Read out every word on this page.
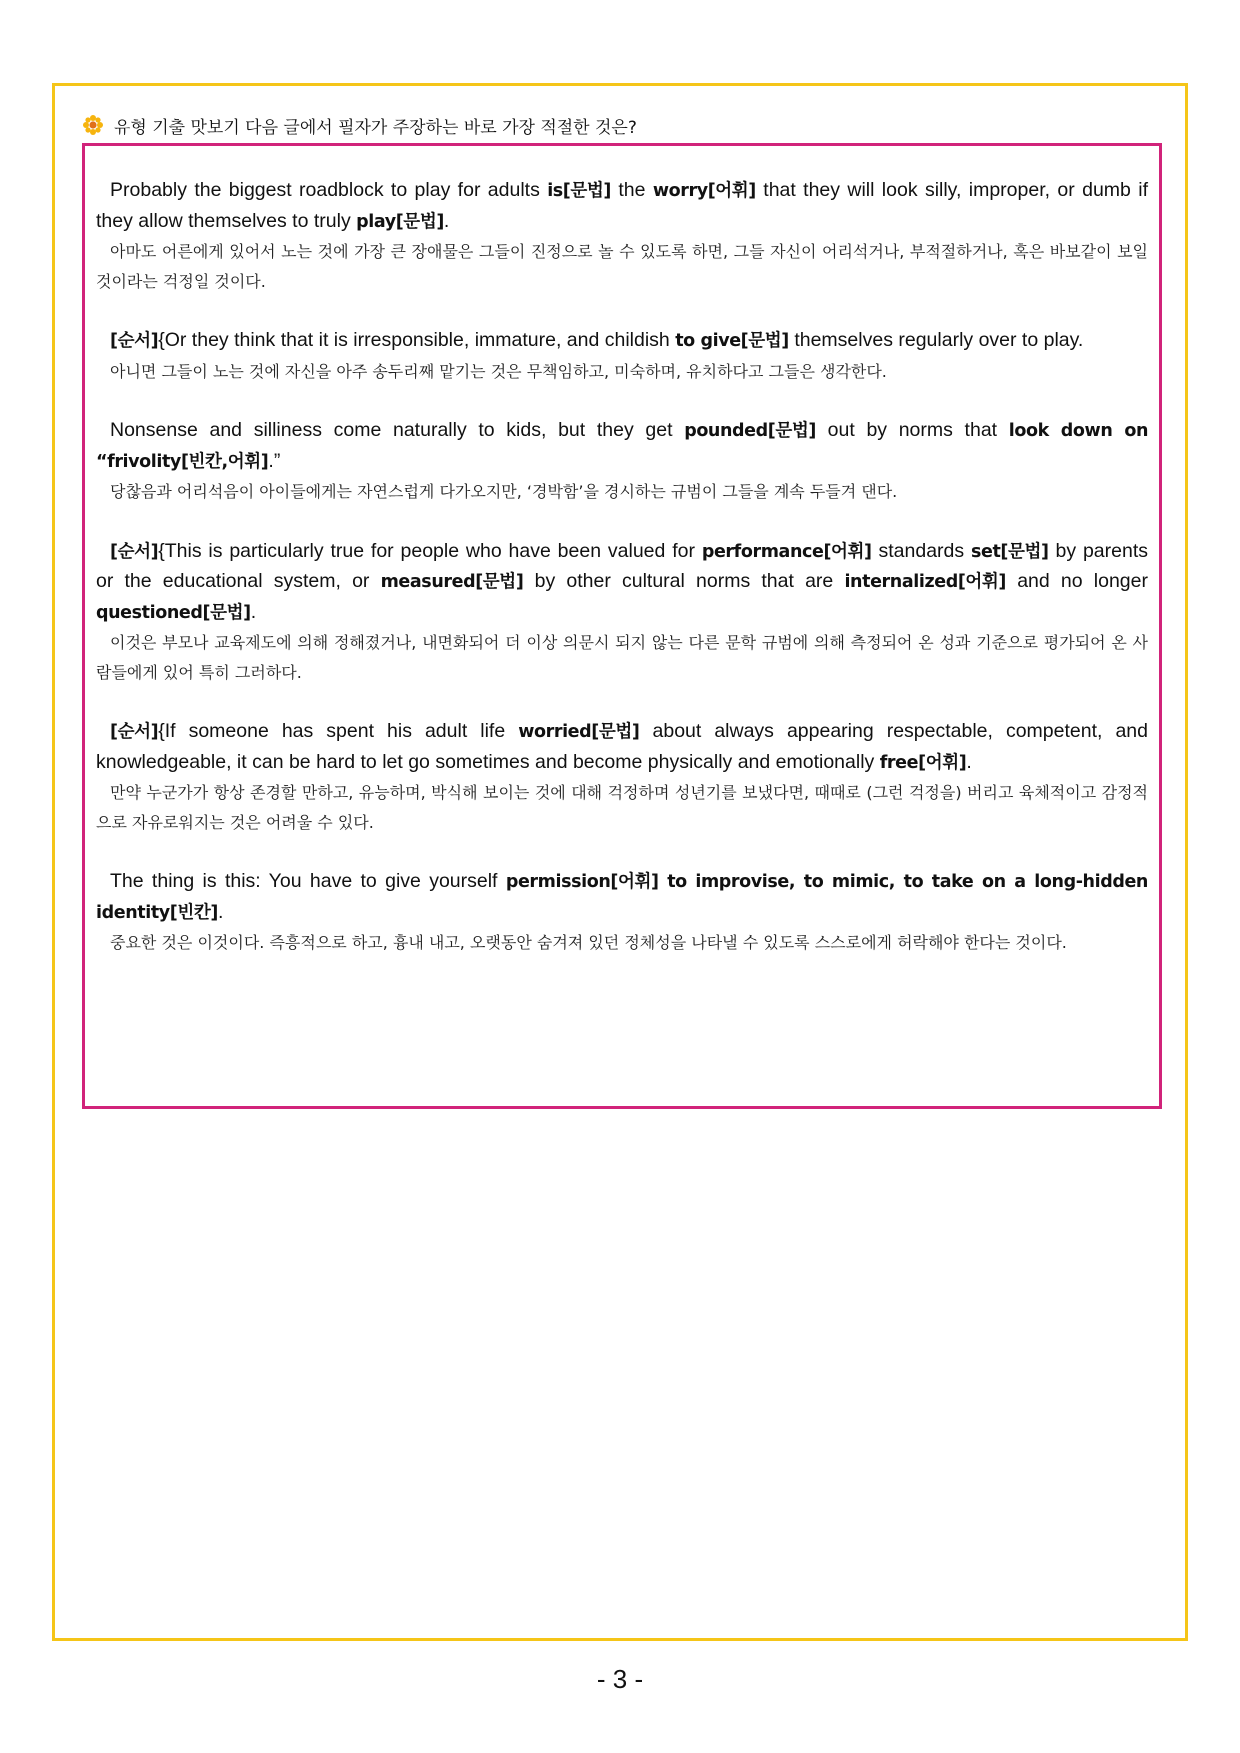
유형 기출 맛보기 다음 글에서 필자가 주장하는 바로 가장 적절한 것은?

Probably the biggest roadblock to play for adults is[문법] the worry[어휘] that they will look silly, improper, or dumb if they allow themselves to truly play[문법].

아마도 어른에게 있어서 노는 것에 가장 큰 장애물은 그들이 진정으로 놀 수 있도록 하면, 그들 자신이 어리석거나, 부적절하거나, 혹은 바보같이 보일 것이라는 걱정일 것이다.

[순서]{Or they think that it is irresponsible, immature, and childish to give[문법] themselves regularly over to play.

아니면 그들이 노는 것에 자신을 아주 송두리째 맡기는 것은 무책임하고, 미숙하며, 유치하다고 그들은 생각한다.

Nonsense and silliness come naturally to kids, but they get pounded[문법] out by norms that look down on “frivolity[빈칸,어휘].”

당찮음과 어리석음이 아이들에게는 자연스럽게 다가오지만, ‘경박함’을 경시하는 규범이 그들을 계속 두들겨 댄다.

[순서]{This is particularly true for people who have been valued for performance[어휘] standards set[문법] by parents or the educational system, or measured[문법] by other cultural norms that are internalized[어휘] and no longer questioned[문법].

이것은 부모나 교육제도에 의해 정해졌거나, 내면화되어 더 이상 의문시 되지 않는 다른 문학 규범에 의해 측정되어 온 성과 기준으로 평가되어 온 사람들에게 있어 특히 그러하다.

[순서]{If someone has spent his adult life worried[문법] about always appearing respectable, competent, and knowledgeable, it can be hard to let go sometimes and become physically and emotionally free[어휘].

만약 누군가가 항상 존경할 만하고, 유능하며, 박식해 보이는 것에 대해 걱정하며 성년기를 보냈다면, 때때로 (그런 걱정을) 버리고 육체적이고 감정적으로 자유로워지는 것은 어려울 수 있다.

The thing is this: You have to give yourself permission[어휘] to improvise, to mimic, to take on a long-hidden identity[빈칸].

중요한 것은 이것이다. 즉흥적으로 하고, 흉내 내고, 오랫동안 숨겨져 있던 정체성을 나타낼 수 있도록 스스로에게 허락해야 한다는 것이다.

- 3 -
